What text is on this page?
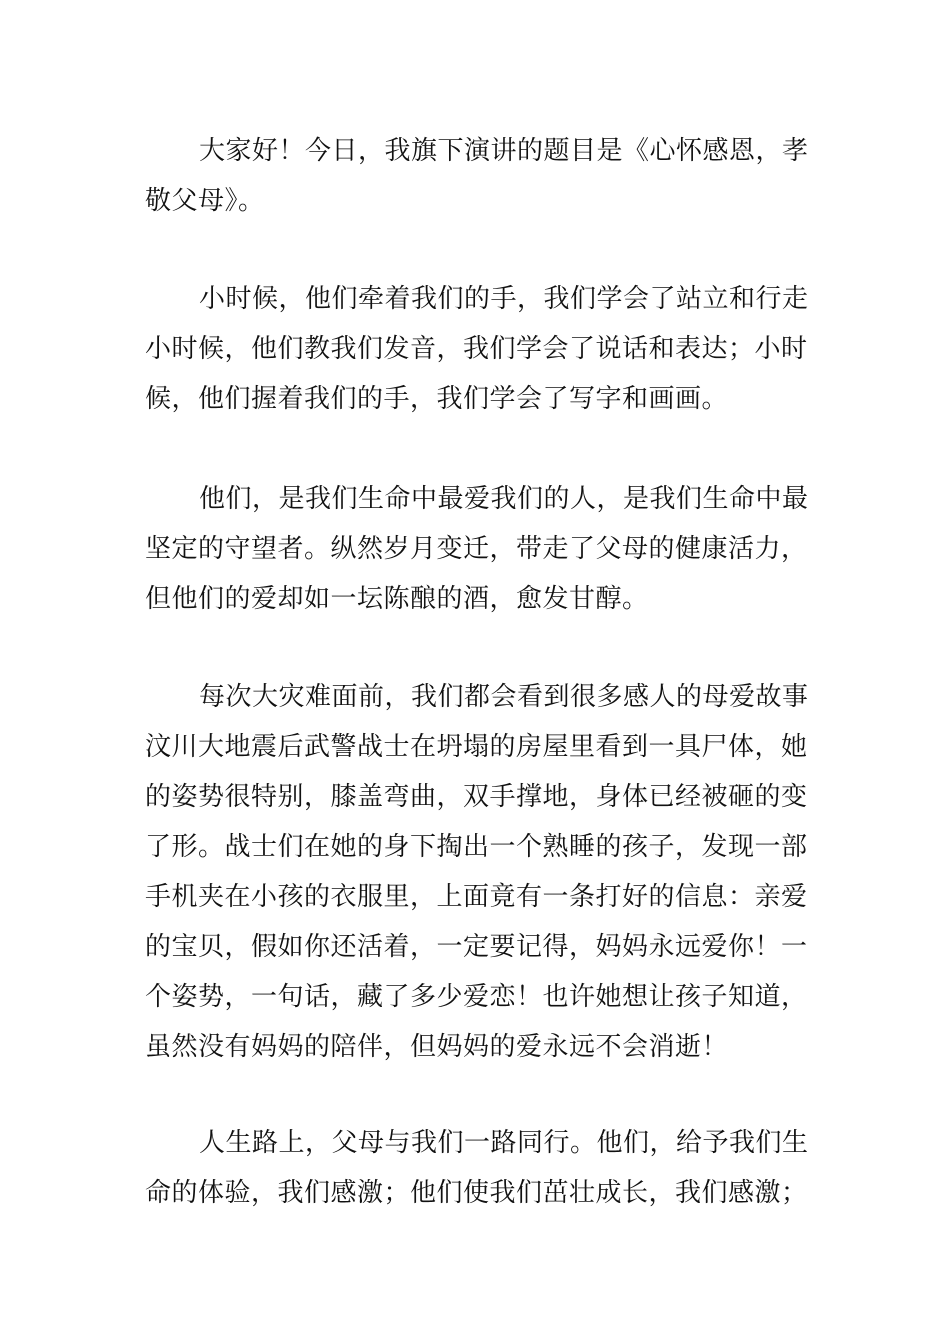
大家好！今日，我旗下演讲的题目是《心怀感恩，孝
敬父母》。

小时候，他们牵着我们的手，我们学会了站立和行走
小时候，他们教我们发音，我们学会了说话和表达；小时
候，他们握着我们的手，我们学会了写字和画画。

他们，是我们生命中最爱我们的人，是我们生命中最
坚定的守望者。纵然岁月变迁，带走了父母的健康活力，
但他们的爱却如一坛陈酿的酒，愈发甘醇。

每次大灾难面前，我们都会看到很多感人的母爱故事
汶川大地震后武警战士在坍塌的房屋里看到一具尸体，她
的姿势很特别，膝盖弯曲，双手撑地，身体已经被砸的变
了形。战士们在她的身下掏出一个熟睡的孩子，发现一部
手机夹在小孩的衣服里，上面竟有一条打好的信息：亲爱
的宝贝，假如你还活着，一定要记得，妈妈永远爱你！一
个姿势，一句话，藏了多少爱恋！也许她想让孩子知道，
虽然没有妈妈的陪伴，但妈妈的爱永远不会消逝！

人生路上，父母与我们一路同行。他们，给予我们生
命的体验，我们感激；他们使我们茁壮成长，我们感激；
